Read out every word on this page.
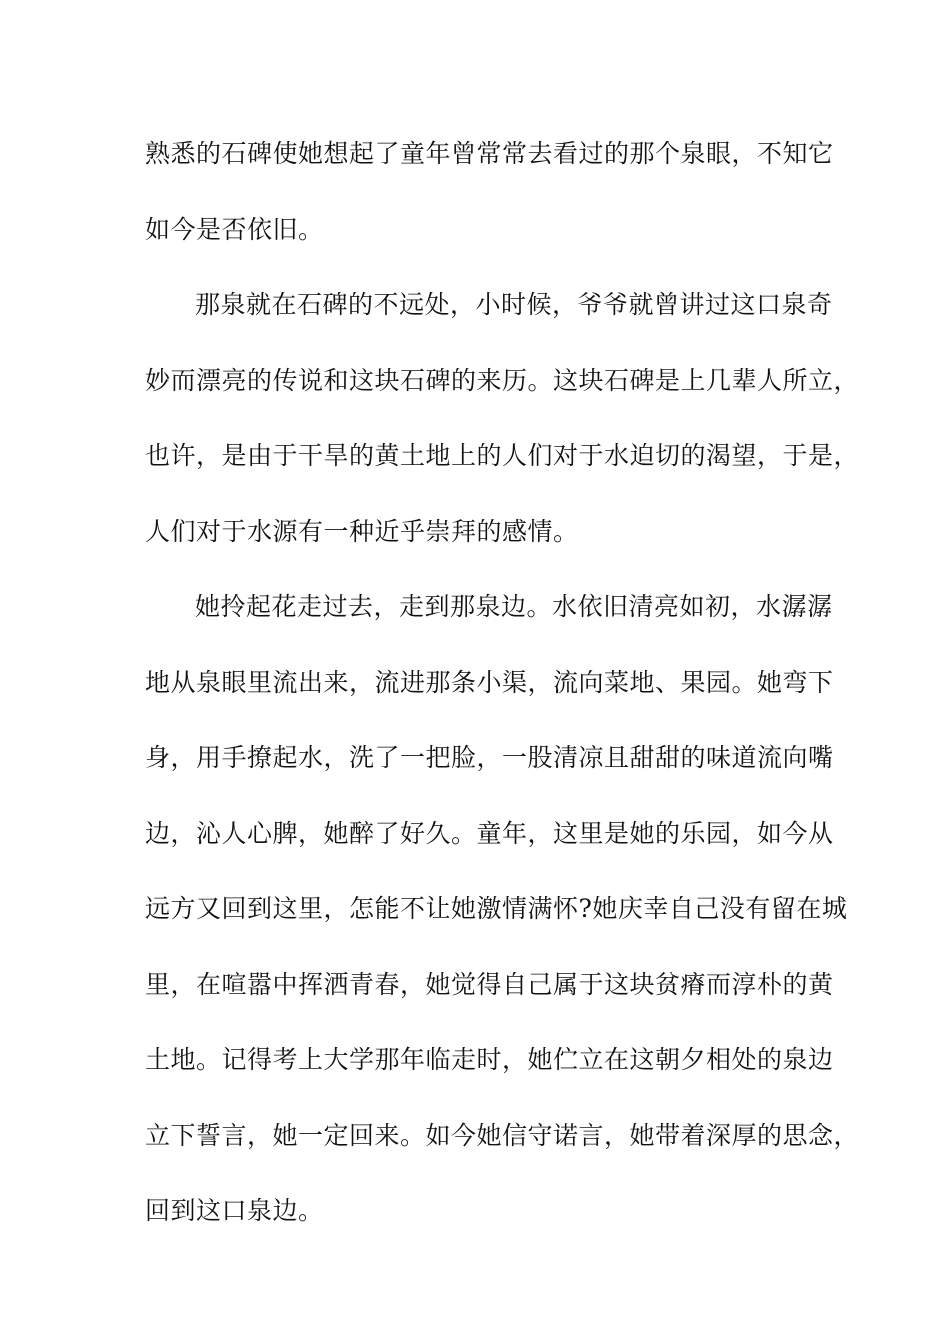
熟悉的石碑使她想起了童年曾常常去看过的那个泉眼，不知它
如今是否依旧。
那泉就在石碑的不远处，小时候，爷爷就曾讲过这口泉奇
妙而漂亮的传说和这块石碑的来历。这块石碑是上几辈人所立，
也许，是由于干旱的黄土地上的人们对于水迫切的渴望，于是，
人们对于水源有一种近乎崇拜的感情。
她拎起花走过去，走到那泉边。水依旧清亮如初，水潺潺
地从泉眼里流出来，流进那条小渠，流向菜地、果园。她弯下
身，用手撩起水，洗了一把脸，一股清凉且甜甜的味道流向嘴
边，沁人心脾，她醉了好久。童年，这里是她的乐园，如今从
远方又回到这里，怎能不让她激情满怀?她庆幸自己没有留在城
里，在喧嚣中挥洒青春，她觉得自己属于这块贫瘠而淳朴的黄
土地。记得考上大学那年临走时，她伫立在这朝夕相处的泉边
立下誓言，她一定回来。如今她信守诺言，她带着深厚的思念，
回到这口泉边。
